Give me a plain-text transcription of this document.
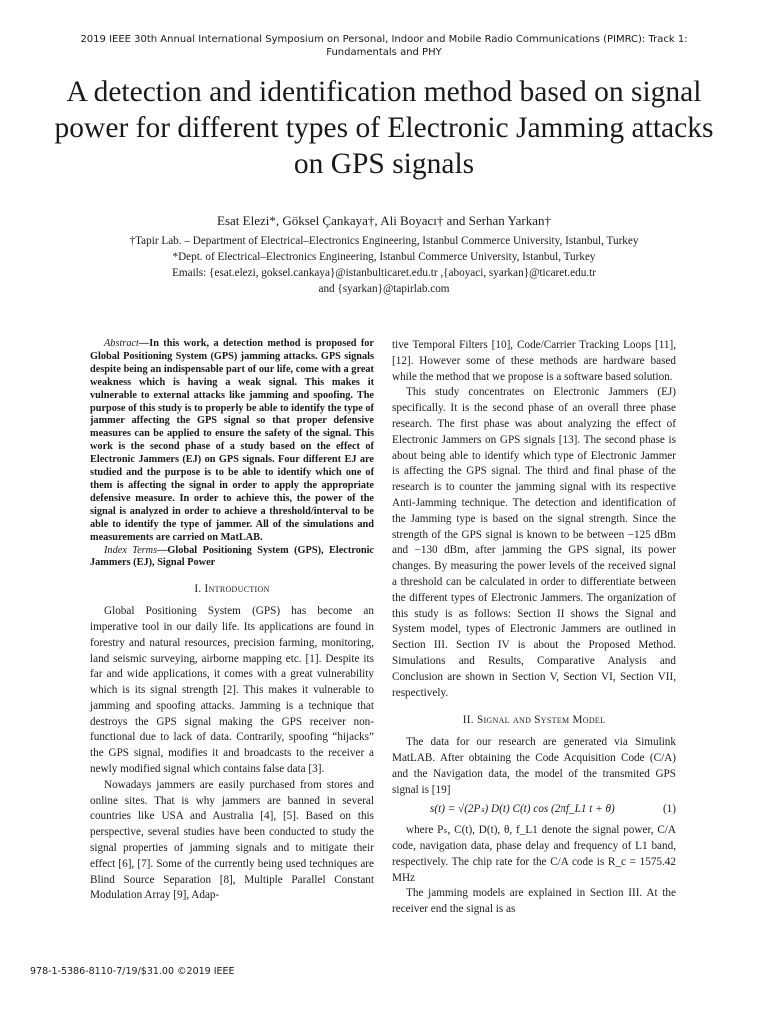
2019 IEEE 30th Annual International Symposium on Personal, Indoor and Mobile Radio Communications (PIMRC): Track 1: Fundamentals and PHY
A detection and identification method based on signal power for different types of Electronic Jamming attacks on GPS signals
Esat Elezi*, Göksel Çankaya†, Ali Boyacı† and Serhan Yarkan†
†Tapir Lab. – Department of Electrical–Electronics Engineering, Istanbul Commerce University, Istanbul, Turkey
*Dept. of Electrical–Electronics Engineering, Istanbul Commerce University, Istanbul, Turkey
Emails: {esat.elezi, goksel.cankaya}@istanbulticaret.edu.tr ,{aboyaci, syarkan}@ticaret.edu.tr
and {syarkan}@tapirlab.com

Abstract—In this work, a detection method is proposed for Global Positioning System (GPS) jamming attacks. GPS signals despite being an indispensable part of our life, come with a great weakness which is having a weak signal. This makes it vulnerable to external attacks like jamming and spoofing. The purpose of this study is to properly be able to identify the type of jammer affecting the GPS signal so that proper defensive measures can be applied to ensure the safety of the signal. This work is the second phase of a study based on the effect of Electronic Jammers (EJ) on GPS signals. Four different EJ are studied and the purpose is to be able to identify which one of them is affecting the signal in order to apply the appropriate defensive measure. In order to achieve this, the power of the signal is analyzed in order to achieve a threshold/interval to be able to identify the type of jammer. All of the simulations and measurements are carried on MatLAB.

Index Terms—Global Positioning System (GPS), Electronic Jammers (EJ), Signal Power

I. Introduction

Global Positioning System (GPS) has become an imperative tool in our daily life. Its applications are found in forestry and natural resources, precision farming, monitoring, land seismic surveying, airborne mapping etc. [1]. Despite its far and wide applications, it comes with a great vulnerability which is its signal strength [2]. This makes it vulnerable to jamming and spoofing attacks. Jamming is a technique that destroys the GPS signal making the GPS receiver non-functional due to lack of data. Contrarily, spoofing “hijacks” the GPS signal, modifies it and broadcasts to the receiver a newly modified signal which contains false data [3].

Nowadays jammers are easily purchased from stores and online sites. That is why jammers are banned in several countries like USA and Australia [4], [5]. Based on this perspective, several studies have been conducted to study the signal properties of jamming signals and to mitigate their effect [6], [7]. Some of the currently being used techniques are Blind Source Separation [8], Multiple Parallel Constant Modulation Array [9], Adap-

tive Temporal Filters [10], Code/Carrier Tracking Loops [11], [12]. However some of these methods are hardware based while the method that we propose is a software based solution.

This study concentrates on Electronic Jammers (EJ) specifically. It is the second phase of an overall three phase research. The first phase was about analyzing the effect of Electronic Jammers on GPS signals [13]. The second phase is about being able to identify which type of Electronic Jammer is affecting the GPS signal. The third and final phase of the research is to counter the jamming signal with its respective Anti-Jamming technique. The detection and identification of the Jamming type is based on the signal strength. Since the strength of the GPS signal is known to be between −125 dBm and −130 dBm, after jamming the GPS signal, its power changes. By measuring the power levels of the received signal a threshold can be calculated in order to differentiate between the different types of Electronic Jammers. The organization of this study is as follows: Section II shows the Signal and System model, types of Electronic Jammers are outlined in Section III. Section IV is about the Proposed Method. Simulations and Results, Comparative Analysis and Conclusion are shown in Section V, Section VI, Section VII, respectively.

II. Signal and System Model

The data for our research are generated via Simulink MatLAB. After obtaining the Code Acquisition Code (C/A) and the Navigation data, the model of the transmited GPS signal is [19]

s(t) = √(2Pₛ) D(t) C(t) cos (2πf_L1 t + θ)	(1)

where Pₛ, C(t), D(t), θ, f_L1 denote the signal power, C/A code, navigation data, phase delay and frequency of L1 band, respectively. The chip rate for the C/A code is R_c = 1575.42 MHz

The jamming models are explained in Section III. At the receiver end the signal is as

978-1-5386-8110-7/19/$31.00 ©2019 IEEE
